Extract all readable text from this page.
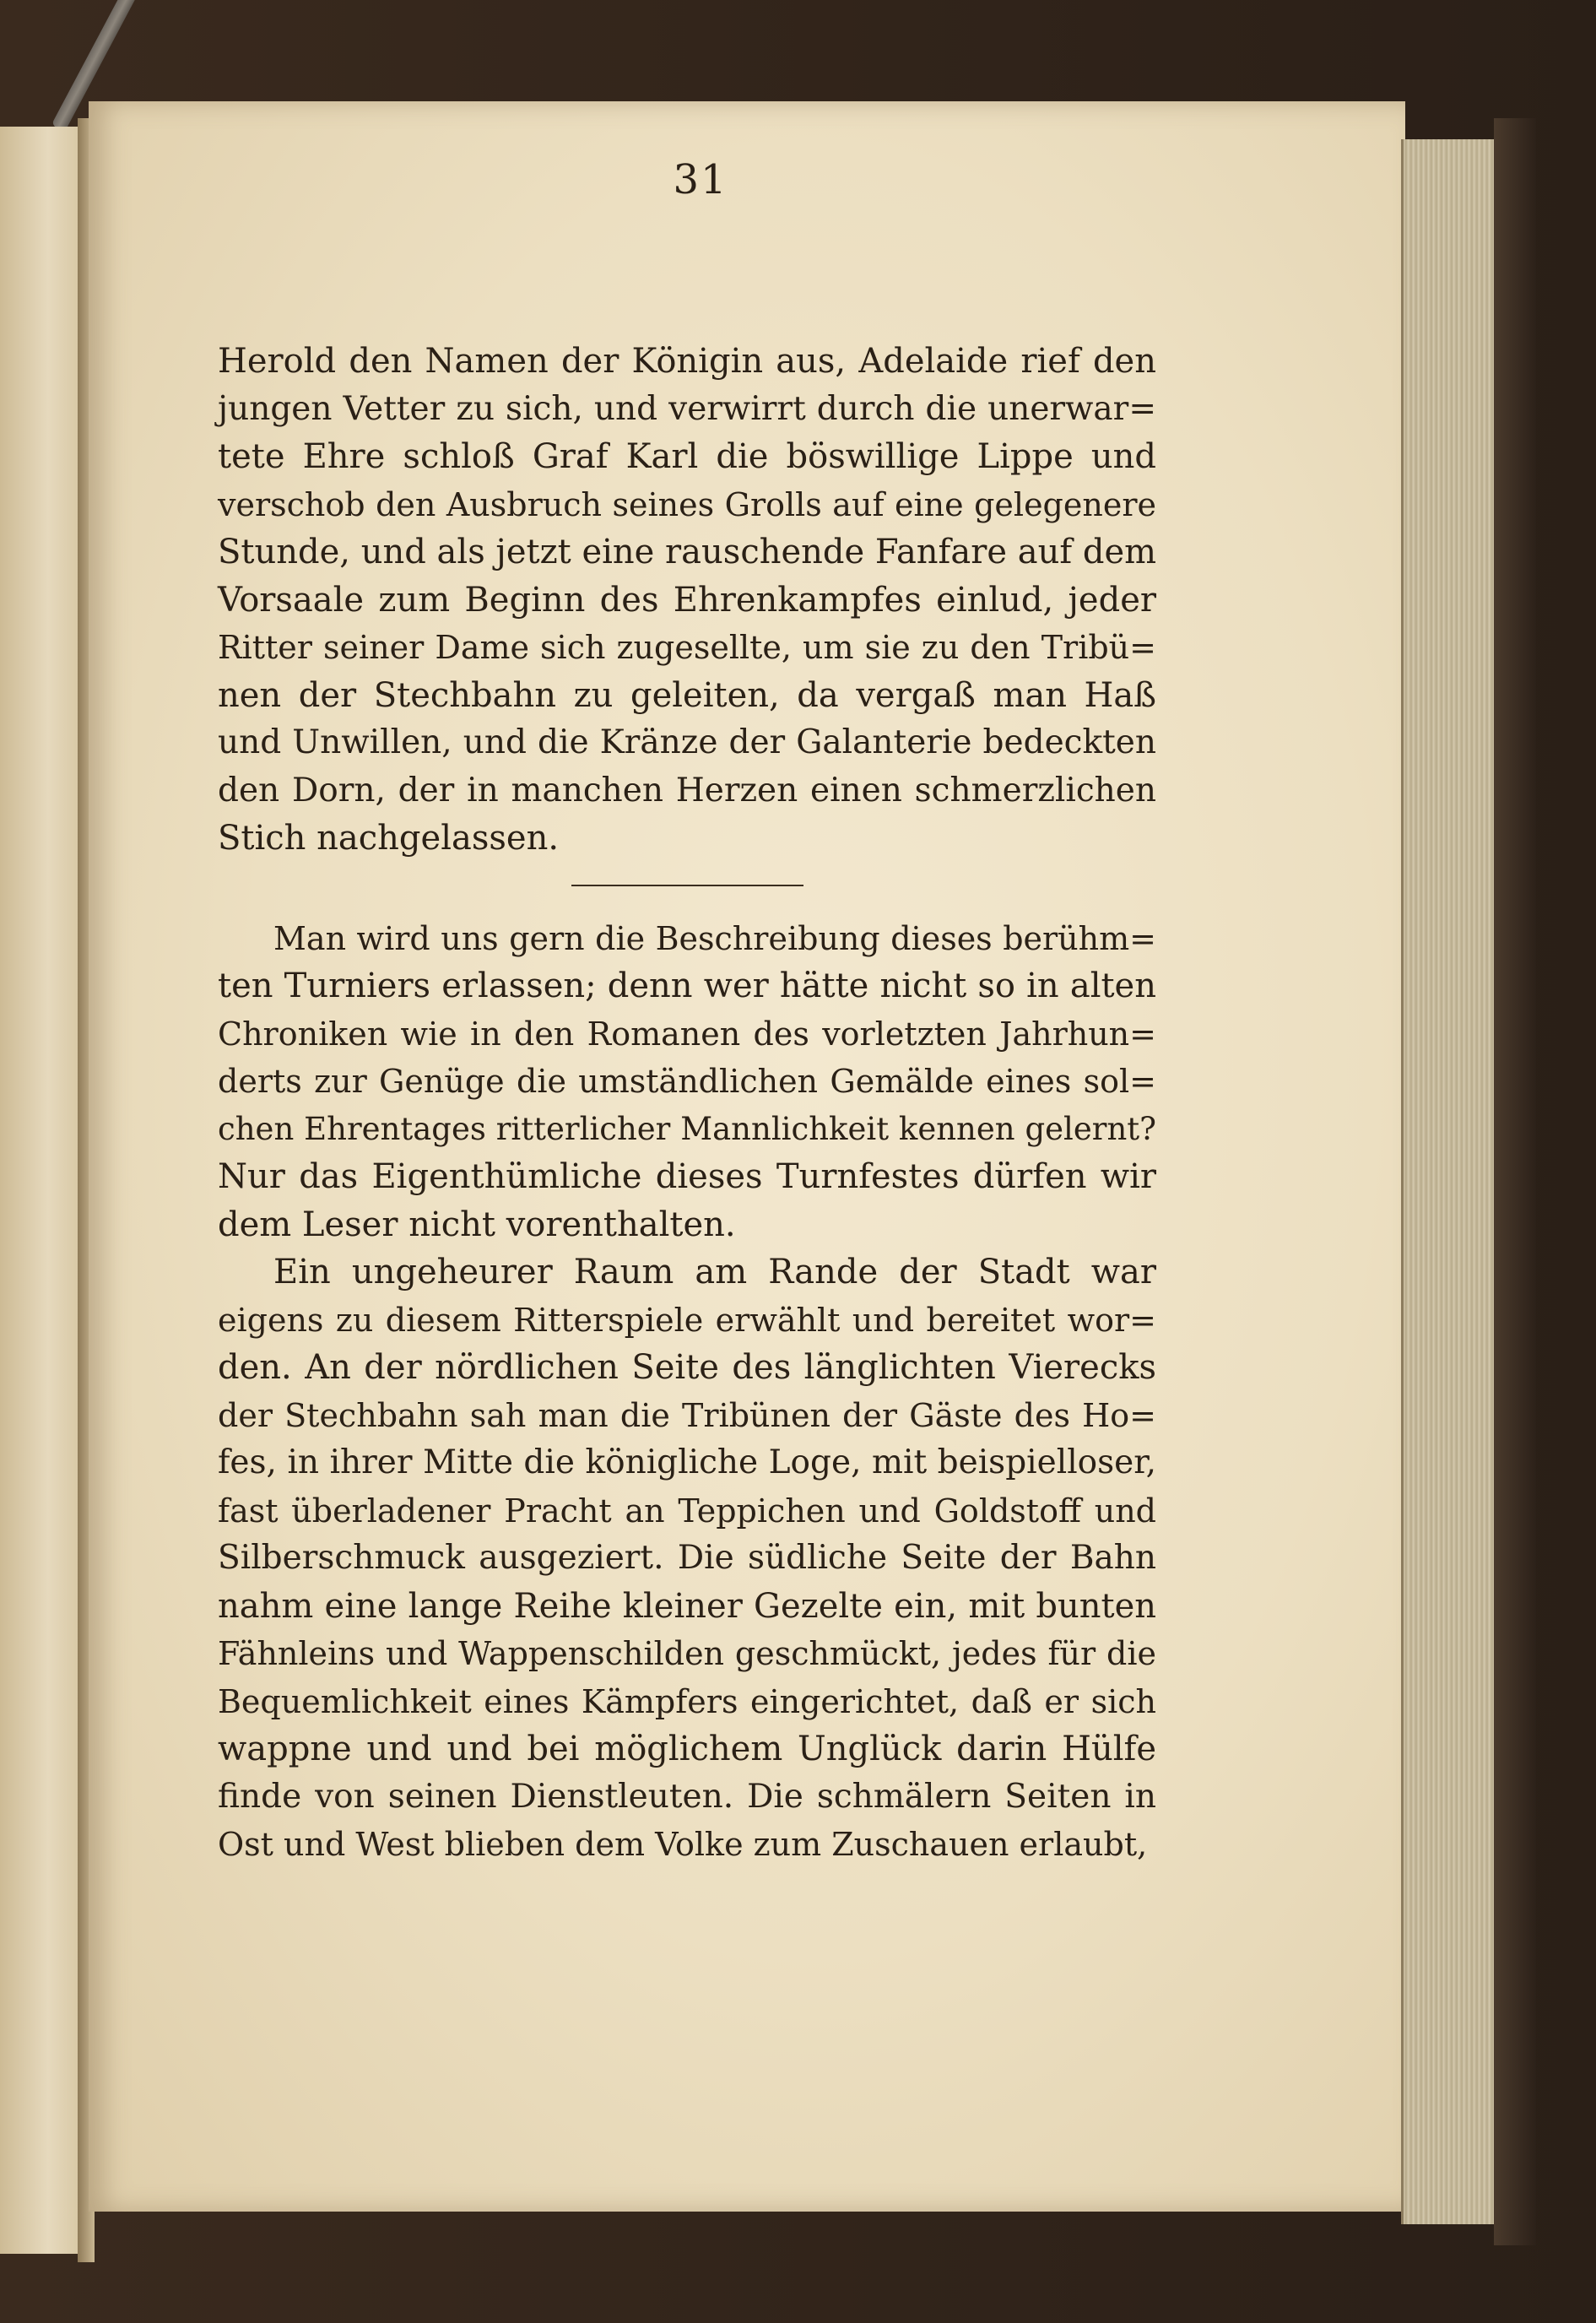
31
Herold den Namen der Königin aus, Adelaide rief den
jungen Vetter zu sich, und verwirrt durch die unerwar=
tete Ehre schloß Graf Karl die böswillige Lippe und
verschob den Ausbruch seines Grolls auf eine gelegenere
Stunde, und als jetzt eine rauschende Fanfare auf dem
Vorsaale zum Beginn des Ehrenkampfes einlud, jeder
Ritter seiner Dame sich zugesellte, um sie zu den Tribü=
nen der Stechbahn zu geleiten, da vergaß man Haß
und Unwillen, und die Kränze der Galanterie bedeckten
den Dorn, der in manchen Herzen einen schmerzlichen
Stich nachgelassen.
Man wird uns gern die Beschreibung dieses berühm=
ten Turniers erlassen; denn wer hätte nicht so in alten
Chroniken wie in den Romanen des vorletzten Jahrhun=
derts zur Genüge die umständlichen Gemälde eines sol=
chen Ehrentages ritterlicher Mannlichkeit kennen gelernt?
Nur das Eigenthümliche dieses Turnfestes dürfen wir
dem Leser nicht vorenthalten.
Ein ungeheurer Raum am Rande der Stadt war
eigens zu diesem Ritterspiele erwählt und bereitet wor=
den. An der nördlichen Seite des länglichten Vierecks
der Stechbahn sah man die Tribünen der Gäste des Ho=
fes, in ihrer Mitte die königliche Loge, mit beispielloser,
fast überladener Pracht an Teppichen und Goldstoff und
Silberschmuck ausgeziert. Die südliche Seite der Bahn
nahm eine lange Reihe kleiner Gezelte ein, mit bunten
Fähnleins und Wappenschilden geschmückt, jedes für die
Bequemlichkeit eines Kämpfers eingerichtet, daß er sich
wappne und und bei möglichem Unglück darin Hülfe
finde von seinen Dienstleuten. Die schmälern Seiten in
Ost und West blieben dem Volke zum Zuschauen erlaubt,
